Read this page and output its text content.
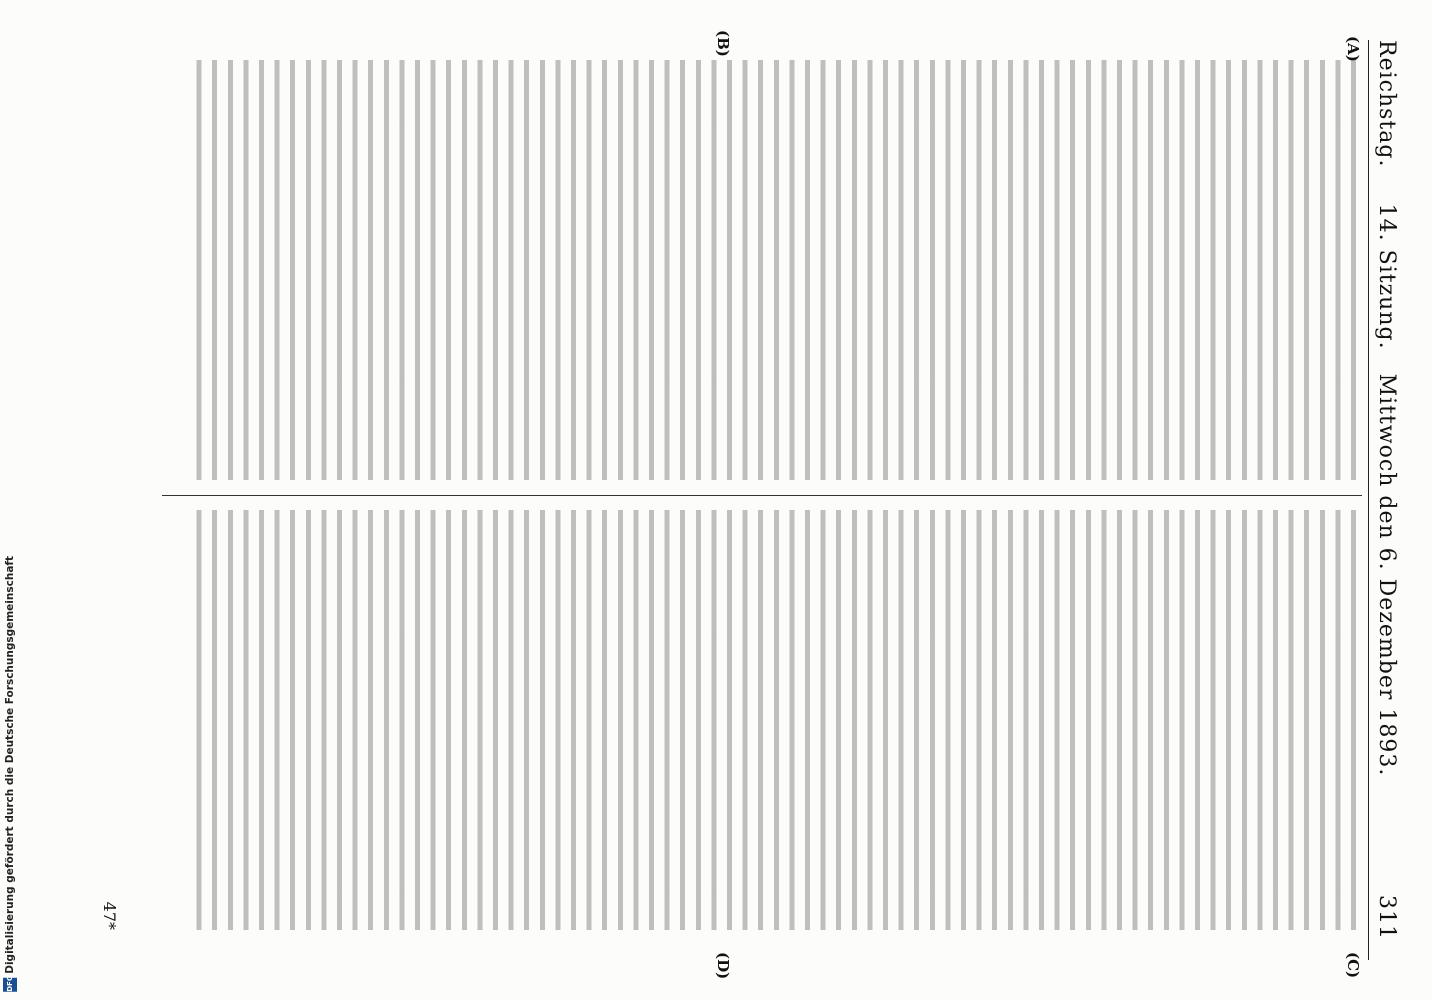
Reichstag.
14. Sitzung.   Mittwoch den 6. Dezember 1893.
311
(A)
(B)
(C)
(D)
47*
DFG
Digitalisierung gefördert durch die Deutsche Forschungsgemeinschaft
